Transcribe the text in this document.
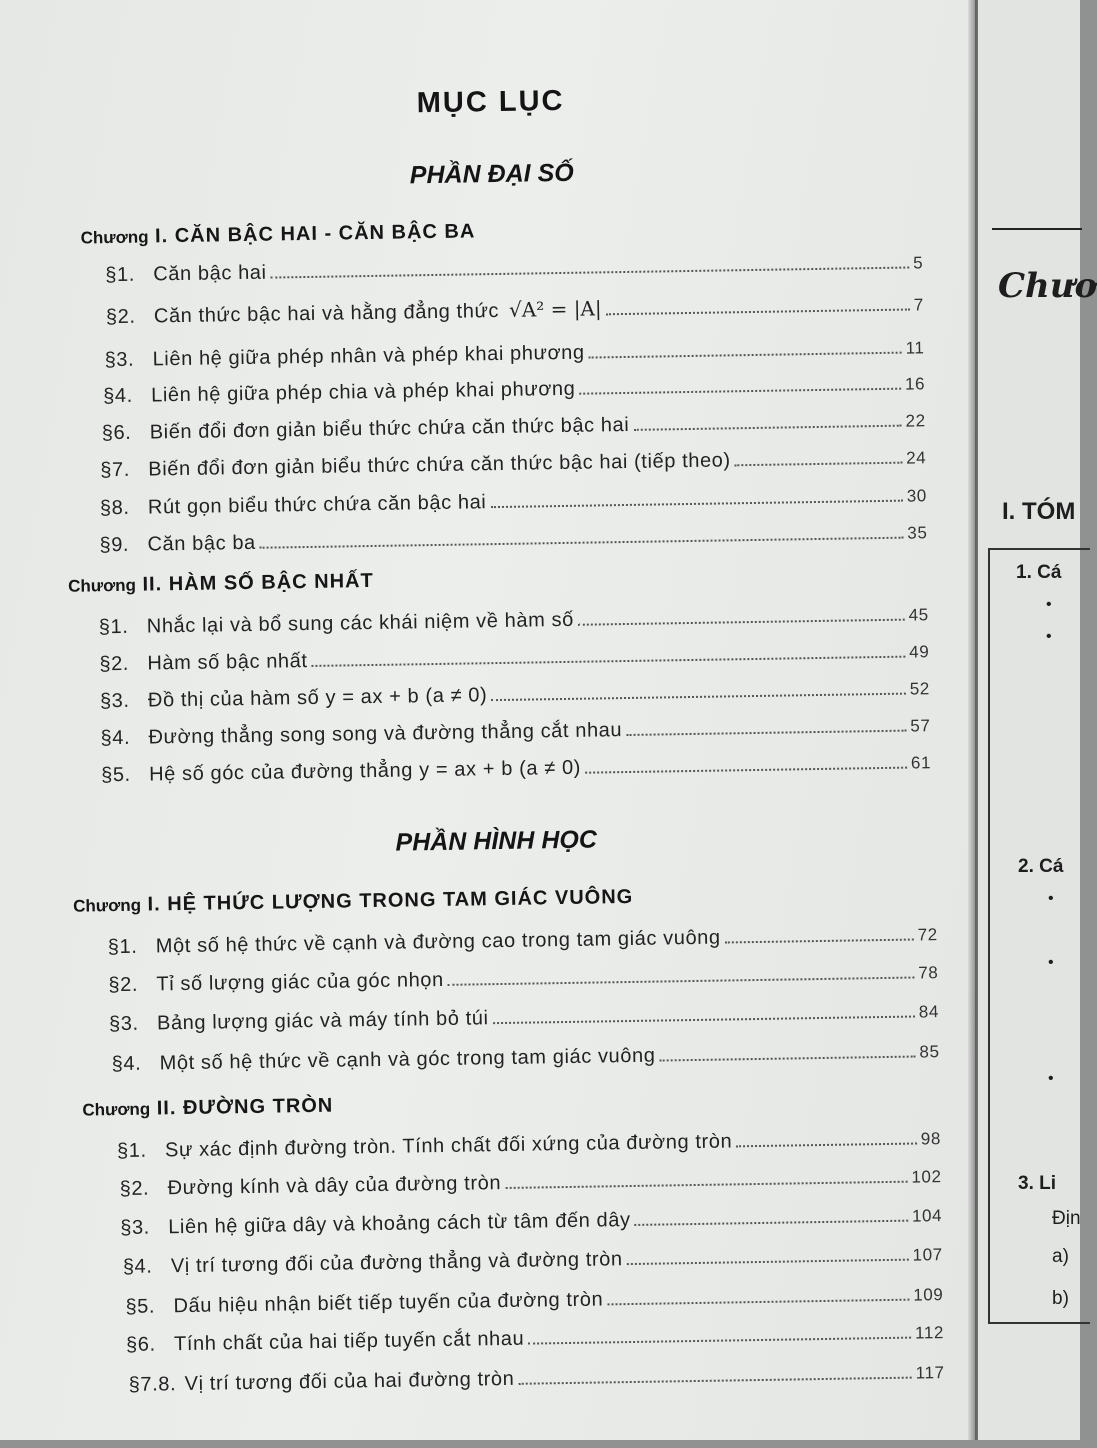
MỤC LỤC
PHẦN ĐẠI SỐ
Chương I. CĂN BẬC HAI - CĂN BẬC BA
§1. Căn bậc hai	5
§2. Căn thức bậc hai và hằng đẳng thức √A² = |A|	7
§3. Liên hệ giữa phép nhân và phép khai phương	11
§4. Liên hệ giữa phép chia và phép khai phương	16
§6. Biến đổi đơn giản biểu thức chứa căn thức bậc hai	22
§7. Biến đổi đơn giản biểu thức chứa căn thức bậc hai (tiếp theo)	24
§8. Rút gọn biểu thức chứa căn bậc hai	30
§9. Căn bậc ba	35
Chương II. HÀM SỐ BẬC NHẤT
§1. Nhắc lại và bổ sung các khái niệm về hàm số	45
§2. Hàm số bậc nhất	49
§3. Đồ thị của hàm số y = ax + b (a ≠ 0)	52
§4. Đường thẳng song song và đường thẳng cắt nhau	57
§5. Hệ số góc của đường thẳng y = ax + b (a ≠ 0)	61
PHẦN HÌNH HỌC
Chương I. HỆ THỨC LƯỢNG TRONG TAM GIÁC VUÔNG
§1. Một số hệ thức về cạnh và đường cao trong tam giác vuông	72
§2. Tỉ số lượng giác của góc nhọn	78
§3. Bảng lượng giác và máy tính bỏ túi	84
§4. Một số hệ thức về cạnh và góc trong tam giác vuông	85
Chương II. ĐƯỜNG TRÒN
§1. Sự xác định đường tròn. Tính chất đối xứng của đường tròn	98
§2. Đường kính và dây của đường tròn	102
§3. Liên hệ giữa dây và khoảng cách từ tâm đến dây	104
§4. Vị trí tương đối của đường thẳng và đường tròn	107
§5. Dấu hiệu nhận biết tiếp tuyến của đường tròn	109
§6. Tính chất của hai tiếp tuyến cắt nhau	112
§7.8. Vị trí tương đối của hai đường tròn	117
Chươ
I. TÓM
1. Cá
•
•
2. Cá
•
•
•
3. Li
Địn
a)
b)
